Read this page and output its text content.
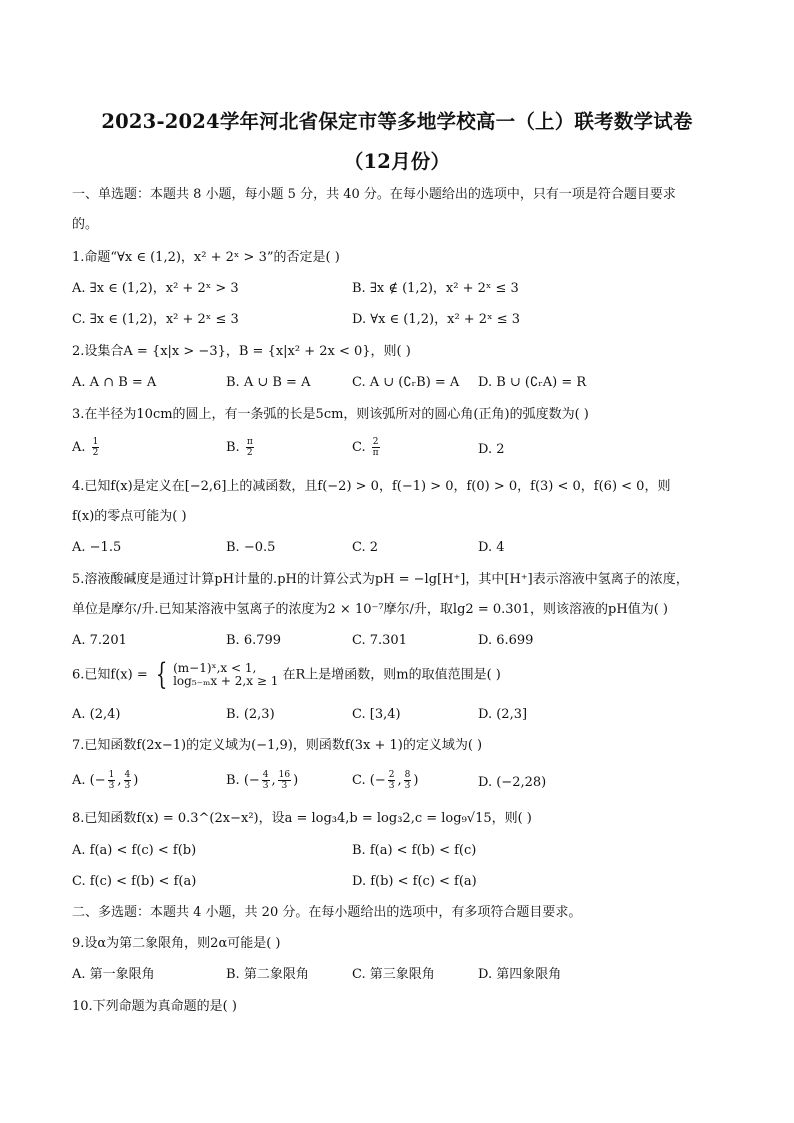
2023-2024学年河北省保定市等多地学校高一（上）联考数学试卷
（12月份）
一、单选题：本题共 8 小题，每小题 5 分，共 40 分。在每小题给出的选项中，只有一项是符合题目要求
的。
1.命题“∀x ∈ (1,2)，x² + 2ˣ > 3”的否定是( )
A. ∃x ∈ (1,2)，x² + 2ˣ > 3	B. ∃x ∉ (1,2)，x² + 2ˣ ≤ 3
C. ∃x ∈ (1,2)，x² + 2ˣ ≤ 3	D. ∀x ∈ (1,2)，x² + 2ˣ ≤ 3
2.设集合A = {x|x > −3}，B = {x|x² + 2x < 0}，则( )
A. A ∩ B = A	B. A ∪ B = A	C. A ∪ (∁ᵣB) = A D. B ∪ (∁ᵣA) = R
3.在半径为10cm的圆上，有一条弧的长是5cm，则该弧所对的圆心角(正角)的弧度数为( )
A. $\frac{1}{2}$	B. $\frac{\pi}{2}$	C. $\frac{2}{\pi}$	D. 2
4.已知f(x)是定义在[−2,6]上的减函数，且f(−2) > 0，f(−1) > 0，f(0) > 0，f(3) < 0，f(6) < 0，则
f(x)的零点可能为( )
A. −1.5	B. −0.5	C. 2	D. 4
5.溶液酸碱度是通过计算pH计量的.pH的计算公式为pH = −lg[H⁺]，其中[H⁺]表示溶液中氢离子的浓度，
单位是摩尔/升.已知某溶液中氢离子的浓度为2 × 10⁻⁷摩尔/升，取lg2 = 0.301，则该溶液的pH值为( )
A. 7.201	B. 6.799	C. 7.301	D. 6.699
6.已知f(x) = { (m−1)ˣ,x < 1,
log₅₋ₘx + 2,x ≥ 1 在R上是增函数，则m的取值范围是( )
A. (2,4)	B. (2,3)	C. [3,4)	D. (2,3]
7.已知函数f(2x−1)的定义域为(−1,9)，则函数f(3x + 1)的定义域为( )
A. (− $\frac{1}{3}$ , $\frac{4}{3}$ )	B. (− $\frac{4}{3}$ , $\frac{16}{3}$ )	C. (− $\frac{2}{3}$ , $\frac{8}{3}$ )	D. (−2,28)
8.已知函数f(x) = 0.3^(2x−x²)，设a = log₃4,b = log₃2,c = log₉√15，则( )
A. f(a) < f(c) < f(b)	B. f(a) < f(b) < f(c)
C. f(c) < f(b) < f(a)	D. f(b) < f(c) < f(a)
二、多选题：本题共 4 小题，共 20 分。在每小题给出的选项中，有多项符合题目要求。
9.设α为第二象限角，则2α可能是( )
A. 第一象限角	B. 第二象限角	C. 第三象限角	D. 第四象限角
10.下列命题为真命题的是( )
